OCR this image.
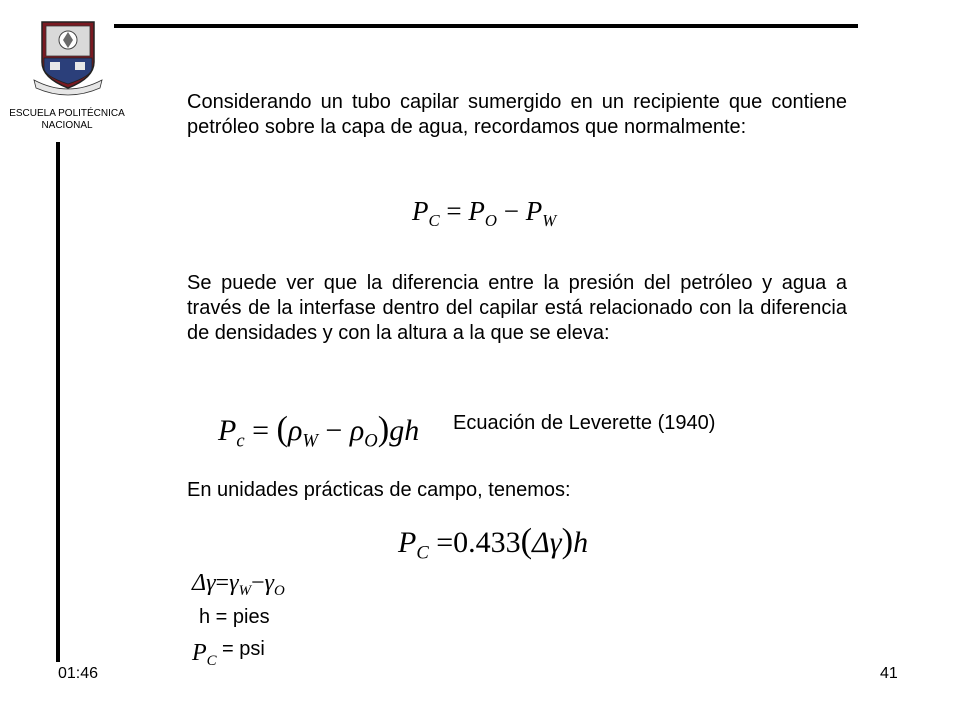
ESCUELA POLITÉCNICA
NACIONAL
Considerando un tubo capilar sumergido en un recipiente que contiene petróleo sobre la capa de agua, recordamos que normalmente:
$P_C = P_O - P_W$
Se puede ver que la diferencia entre la presión del petróleo y agua a través de la interfase dentro del capilar está relacionado con la diferencia de densidades y con la altura a la que se eleva:
$P_c = (\rho_W - \rho_O)gh$ Ecuación de Leverette (1940)
En unidades prácticas de campo, tenemos:
$P_C =0.433(\Delta\gamma)h$
$\Delta\gamma=\gamma_W-\gamma_O$
h = pies
$P_C$
= psi
01:46	41
